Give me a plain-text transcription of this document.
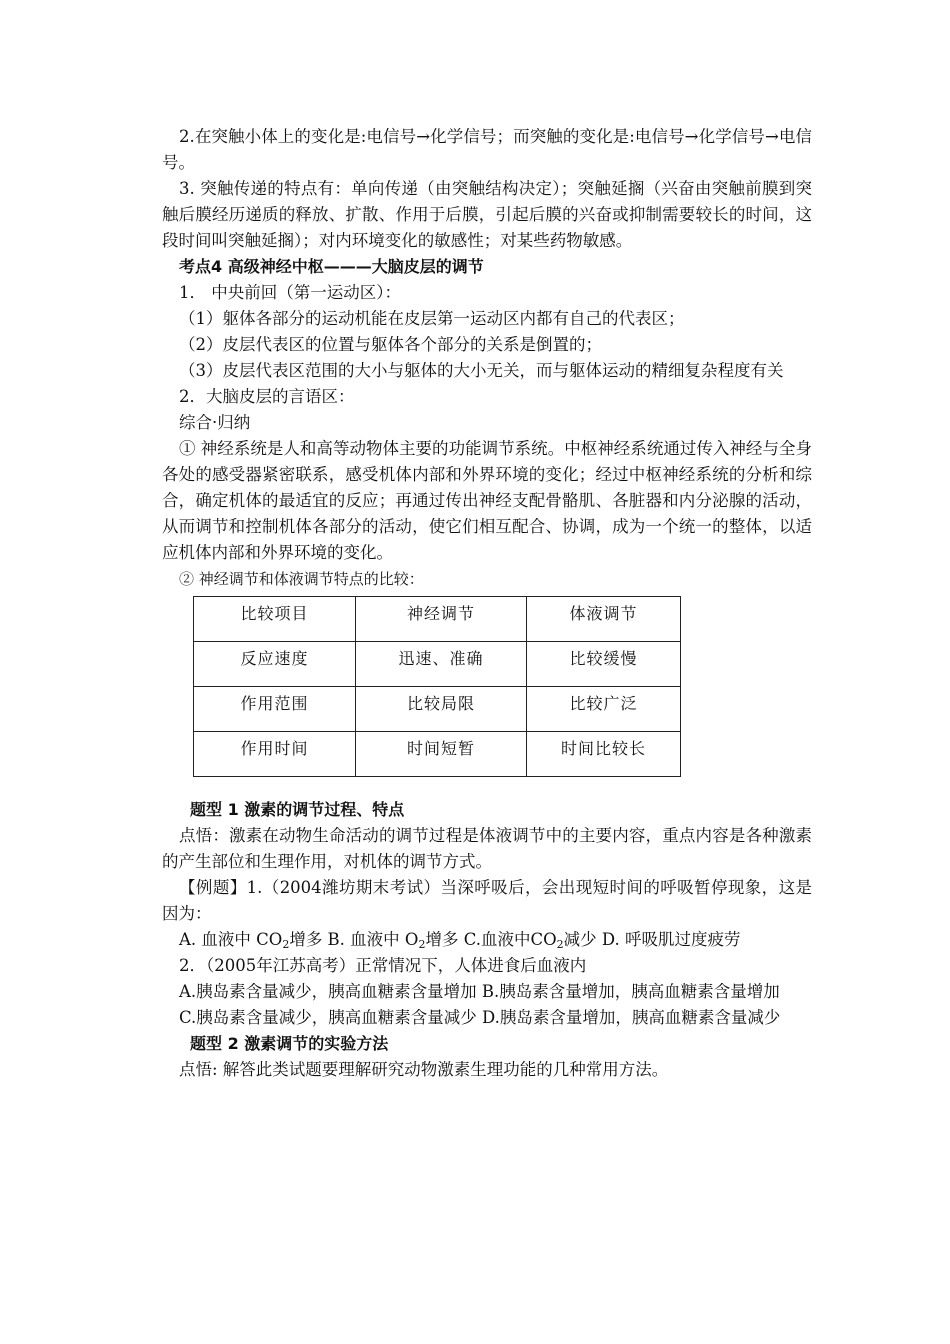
2.在突触小体上的变化是:电信号→化学信号；而突触的变化是:电信号→化学信号→电信号。

3. 突触传递的特点有：单向传递（由突触结构决定）；突触延搁（兴奋由突触前膜到突触后膜经历递质的释放、扩散、作用于后膜，引起后膜的兴奋或抑制需要较长的时间，这段时间叫突触延搁）；对内环境变化的敏感性；对某些药物敏感。

考点4 高级神经中枢———大脑皮层的调节

1． 中央前回（第一运动区）：

（1）躯体各部分的运动机能在皮层第一运动区内都有自己的代表区；

（2）皮层代表区的位置与躯体各个部分的关系是倒置的；

（3）皮层代表区范围的大小与躯体的大小无关，而与躯体运动的精细复杂程度有关

2．大脑皮层的言语区：

综合·归纳

① 神经系统是人和高等动物体主要的功能调节系统。中枢神经系统通过传入神经与全身各处的感受器紧密联系，感受机体内部和外界环境的变化；经过中枢神经系统的分析和综合，确定机体的最适宜的反应；再通过传出神经支配骨骼肌、各脏器和内分泌腺的活动，从而调节和控制机体各部分的活动，使它们相互配合、协调，成为一个统一的整体，以适应机体内部和外界环境的变化。

② 神经调节和体液调节特点的比较：

比较项目	神经调节	体液调节
反应速度	迅速、准确	比较缓慢
作用范围	比较局限	比较广泛
作用时间	时间短暂	时间比较长

题型 1 激素的调节过程、特点

点悟：激素在动物生命活动的调节过程是体液调节中的主要内容，重点内容是各种激素的产生部位和生理作用，对机体的调节方式。

【例题】1.（2004潍坊期末考试）当深呼吸后，会出现短时间的呼吸暂停现象，这是因为：

A. 血液中 $CO_2$增多 B. 血液中 $O_2$增多 C.血液中$CO_2$减少 D. 呼吸肌过度疲劳

2．（2005年江苏高考）正常情况下，人体进食后血液内

A.胰岛素含量减少，胰高血糖素含量增加 B.胰岛素含量增加，胰高血糖素含量增加

C.胰岛素含量减少，胰高血糖素含量减少 D.胰岛素含量增加，胰高血糖素含量减少

题型 2 激素调节的实验方法

点悟: 解答此类试题要理解研究动物激素生理功能的几种常用方法。
